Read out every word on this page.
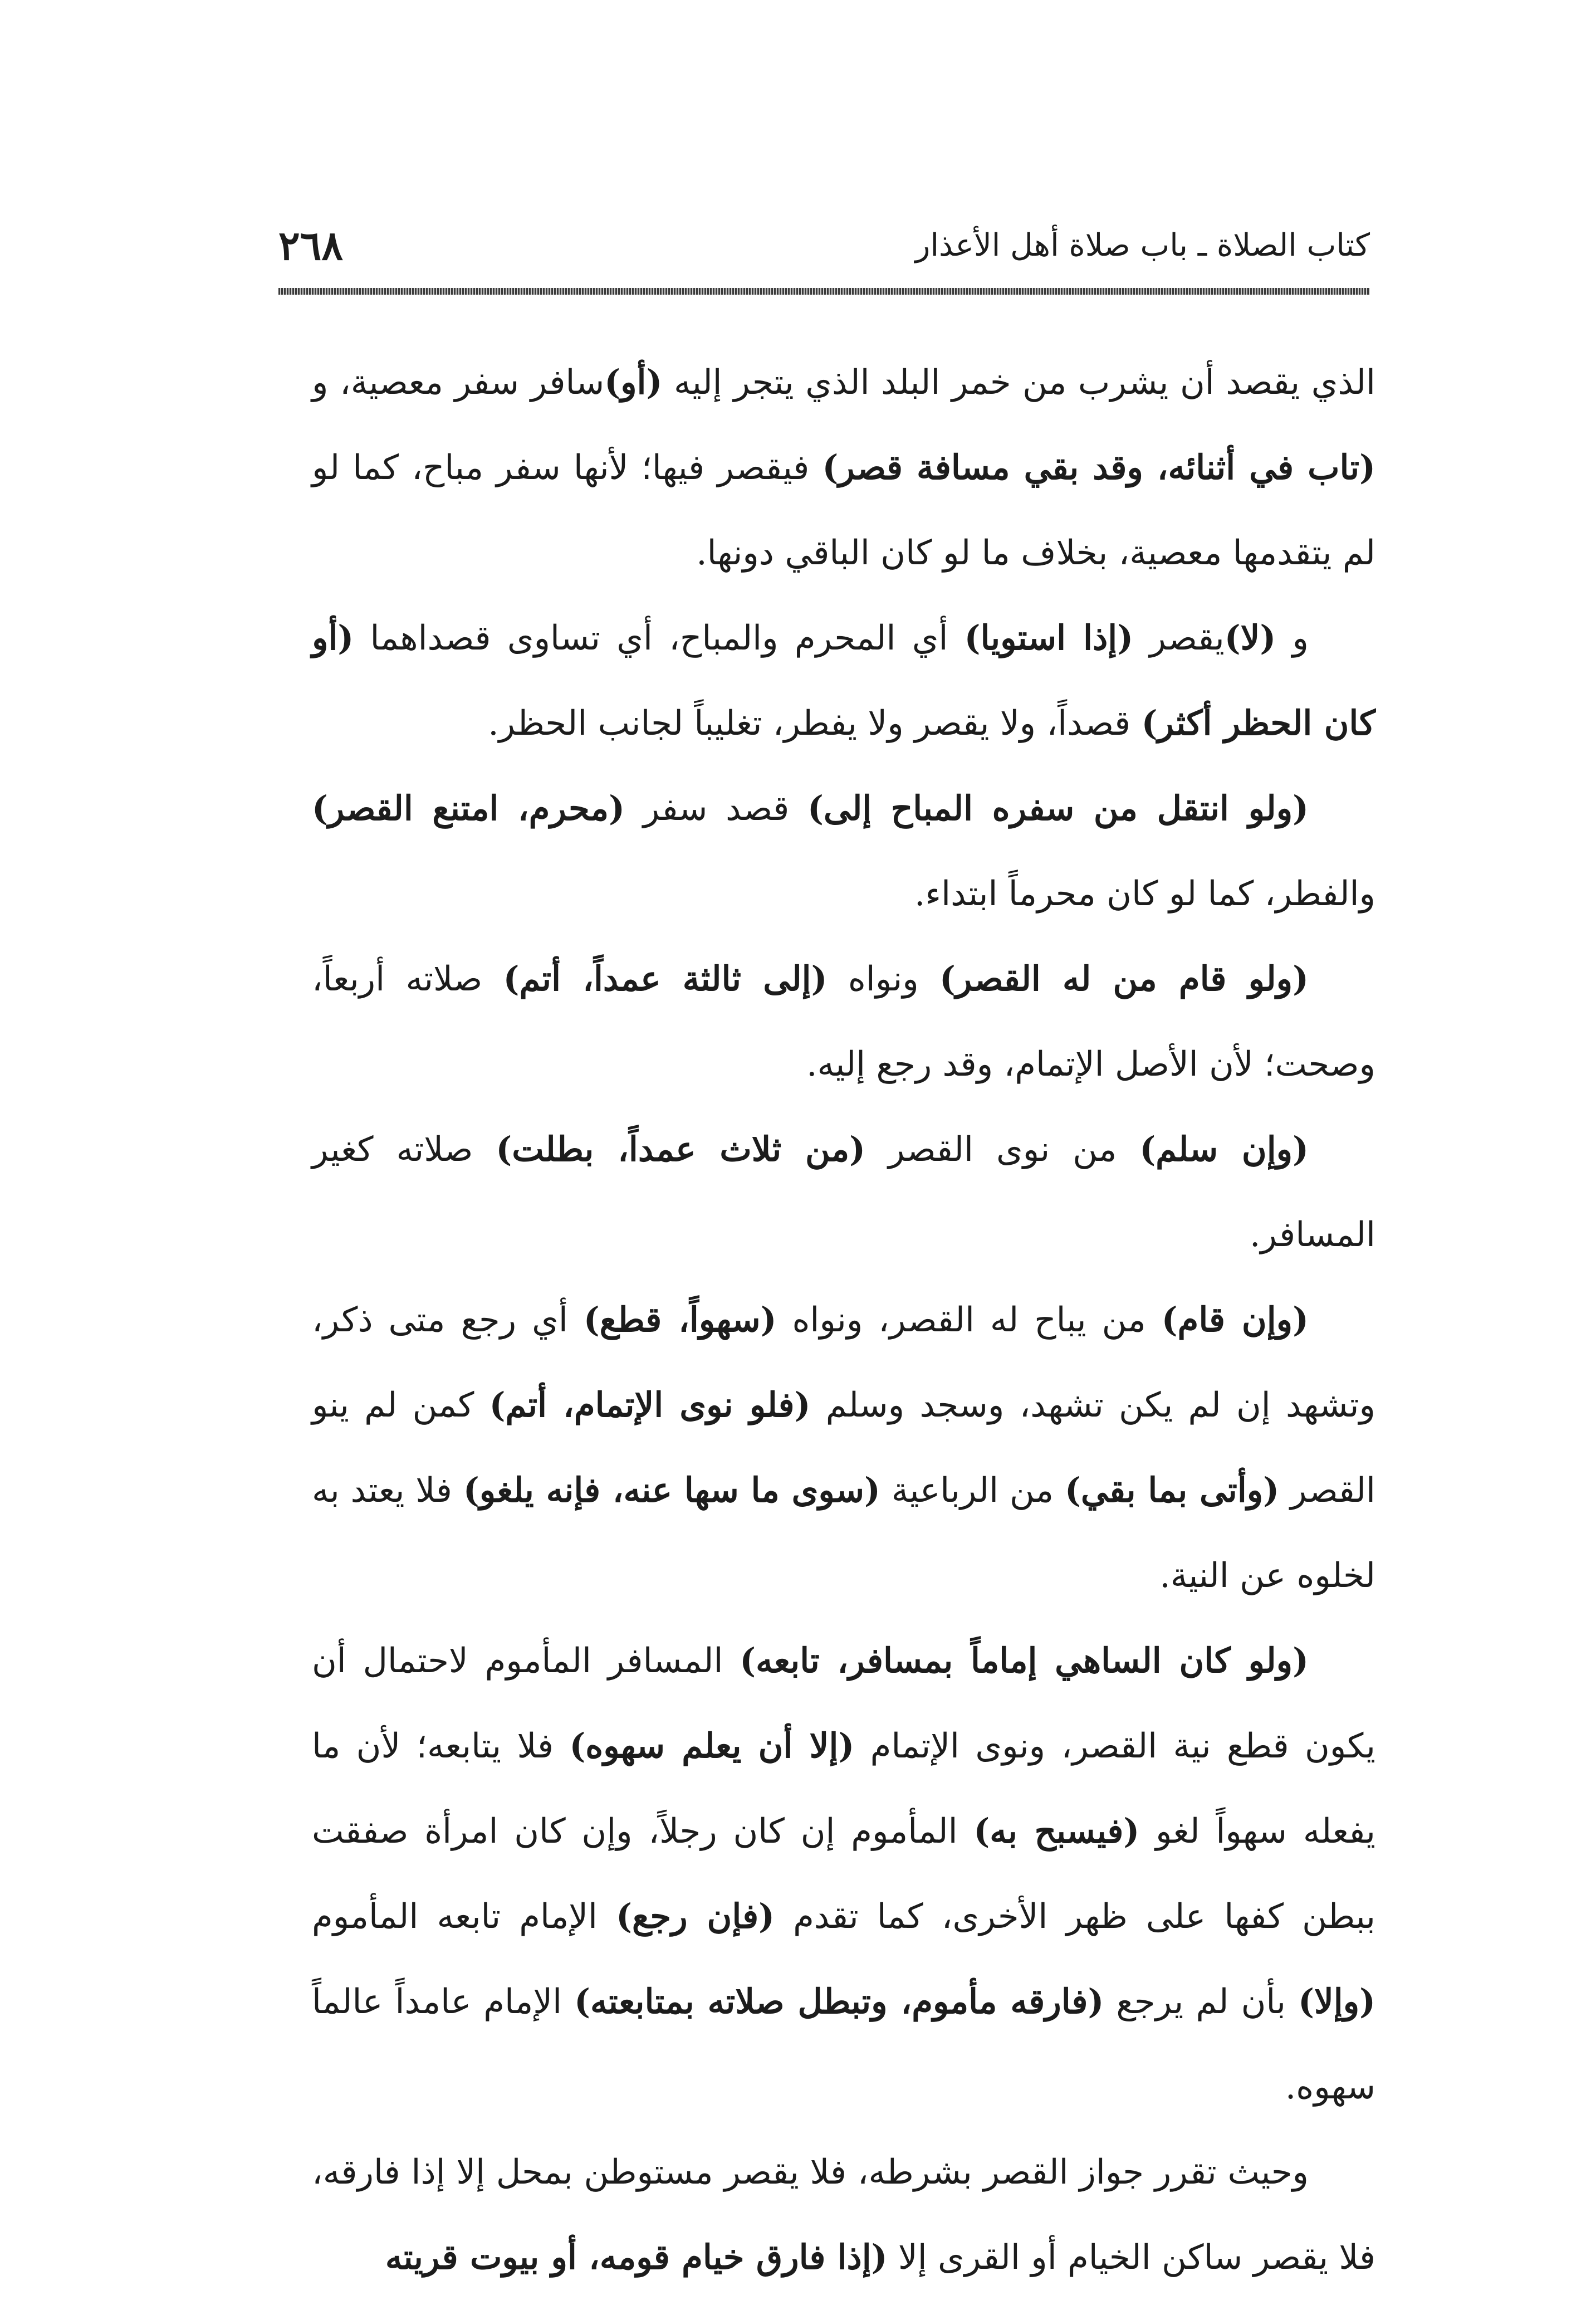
٢٦٨	كتاب الصلاة ـ باب صلاة أهل الأعذار

الذي يقصد أن يشرب من خمر البلد الذي يتجر إليه (أو)سافر سفر معصية، و (تاب في أثنائه، وقد بقي مسافة قصر) فيقصر فيها؛ لأنها سفر مباح، كما لو لم يتقدمها معصية، بخلاف ما لو كان الباقي دونها.

و (لا)يقصر (إذا استويا) أي المحرم والمباح، أي تساوى قصداهما (أو كان الحظر أكثر) قصداً، ولا يقصر ولا يفطر، تغليباً لجانب الحظر.

(ولو انتقل من سفره المباح إلى) قصد سفر (محرم، امتنع القصر) والفطر، كما لو كان محرماً ابتداء.

(ولو قام من له القصر) ونواه (إلى ثالثة عمداً، أتم) صلاته أربعاً، وصحت؛ لأن الأصل الإتمام، وقد رجع إليه.

(وإن سلم) من نوى القصر (من ثلاث عمداً، بطلت) صلاته كغير المسافر.

(وإن قام) من يباح له القصر، ونواه (سهواً، قطع) أي رجع متى ذكر، وتشهد إن لم يكن تشهد، وسجد وسلم (فلو نوى الإتمام، أتم) كمن لم ينو القصر (وأتى بما بقي) من الرباعية (سوى ما سها عنه، فإنه يلغو) فلا يعتد به لخلوه عن النية.

(ولو كان الساهي إماماً بمسافر، تابعه) المسافر المأموم لاحتمال أن يكون قطع نية القصر، ونوى الإتمام (إلا أن يعلم سهوه) فلا يتابعه؛ لأن ما يفعله سهواً لغو (فيسبح به) المأموم إن كان رجلاً، وإن كان امرأة صفقت ببطن كفها على ظهر الأخرى، كما تقدم (فإن رجع) الإمام تابعه المأموم (وإلا) بأن لم يرجع (فارقه مأموم، وتبطل صلاته بمتابعته) الإمام عامداً عالماً سهوه.

وحيث تقرر جواز القصر بشرطه، فلا يقصر مستوطن بمحل إلا إذا فارقه، فلا يقصر ساكن الخيام أو القرى إلا (إذا فارق خيام قومه، أو بيوت قريته
